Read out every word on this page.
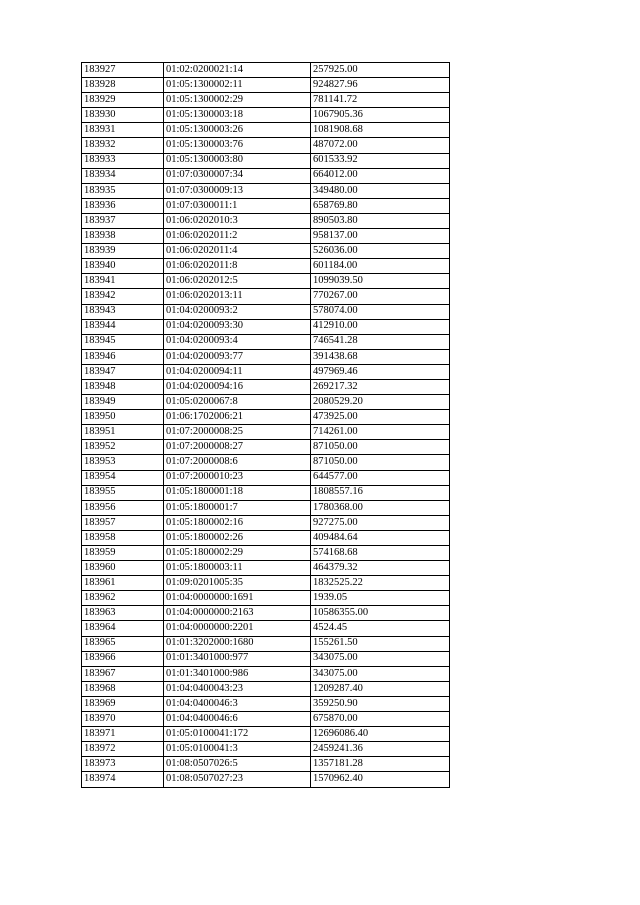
183927	01:02:0200021:14	257925.00
183928	01:05:1300002:11	924827.96
183929	01:05:1300002:29	781141.72
183930	01:05:1300003:18	1067905.36
183931	01:05:1300003:26	1081908.68
183932	01:05:1300003:76	487072.00
183933	01:05:1300003:80	601533.92
183934	01:07:0300007:34	664012.00
183935	01:07:0300009:13	349480.00
183936	01:07:0300011:1	658769.80
183937	01:06:0202010:3	890503.80
183938	01:06:0202011:2	958137.00
183939	01:06:0202011:4	526036.00
183940	01:06:0202011:8	601184.00
183941	01:06:0202012:5	1099039.50
183942	01:06:0202013:11	770267.00
183943	01:04:0200093:2	578074.00
183944	01:04:0200093:30	412910.00
183945	01:04:0200093:4	746541.28
183946	01:04:0200093:77	391438.68
183947	01:04:0200094:11	497969.46
183948	01:04:0200094:16	269217.32
183949	01:05:0200067:8	2080529.20
183950	01:06:1702006:21	473925.00
183951	01:07:2000008:25	714261.00
183952	01:07:2000008:27	871050.00
183953	01:07:2000008:6	871050.00
183954	01:07:2000010:23	644577.00
183955	01:05:1800001:18	1808557.16
183956	01:05:1800001:7	1780368.00
183957	01:05:1800002:16	927275.00
183958	01:05:1800002:26	409484.64
183959	01:05:1800002:29	574168.68
183960	01:05:1800003:11	464379.32
183961	01:09:0201005:35	1832525.22
183962	01:04:0000000:1691	1939.05
183963	01:04:0000000:2163	10586355.00
183964	01:04:0000000:2201	4524.45
183965	01:01:3202000:1680	155261.50
183966	01:01:3401000:977	343075.00
183967	01:01:3401000:986	343075.00
183968	01:04:0400043:23	1209287.40
183969	01:04:0400046:3	359250.90
183970	01:04:0400046:6	675870.00
183971	01:05:0100041:172	12696086.40
183972	01:05:0100041:3	2459241.36
183973	01:08:0507026:5	1357181.28
183974	01:08:0507027:23	1570962.40
